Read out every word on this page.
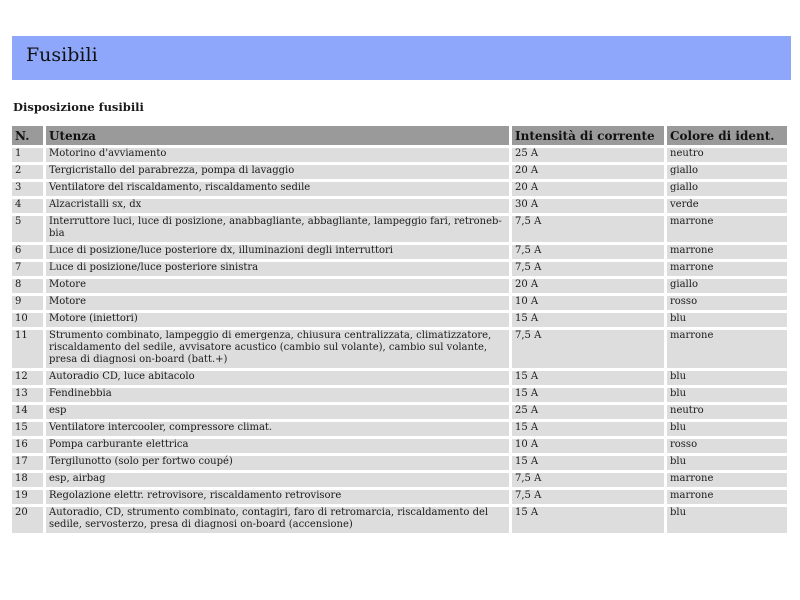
Fusibili
Disposizione fusibili
N.	Utenza	Intensità di corrente	Colore di ident.
1	Motorino d'avviamento	25 A	neutro
2	Tergicristallo del parabrezza, pompa di lavaggio	20 A	giallo
3	Ventilatore del riscaldamento, riscaldamento sedile	20 A	giallo
4	Alzacristalli sx, dx	30 A	verde
5	Interruttore luci, luce di posizione, anabbagliante, abbagliante, lampeggio fari, retronebbia	7,5 A	marrone
6	Luce di posizione/luce posteriore dx, illuminazioni degli interruttori	7,5 A	marrone
7	Luce di posizione/luce posteriore sinistra	7,5 A	marrone
8	Motore	20 A	giallo
9	Motore	10 A	rosso
10	Motore (iniettori)	15 A	blu
11	Strumento combinato, lampeggio di emergenza, chiusura centralizzata, climatizzatore, riscaldamento del sedile, avvisatore acustico (cambio sul volante), cambio sul volante, presa di diagnosi on-board (batt.+)	7,5 A	marrone
12	Autoradio CD, luce abitacolo	15 A	blu
13	Fendinebbia	15 A	blu
14	esp	25 A	neutro
15	Ventilatore intercooler, compressore climat.	15 A	blu
16	Pompa carburante elettrica	10 A	rosso
17	Tergilunotto (solo per fortwo coupé)	15 A	blu
18	esp, airbag	7,5 A	marrone
19	Regolazione elettr. retrovisore, riscaldamento retrovisore	7,5 A	marrone
20	Autoradio, CD, strumento combinato, contagiri, faro di retromarcia, riscaldamento del sedile, servosterzo, presa di diagnosi on-board (accensione)	15 A	blu
